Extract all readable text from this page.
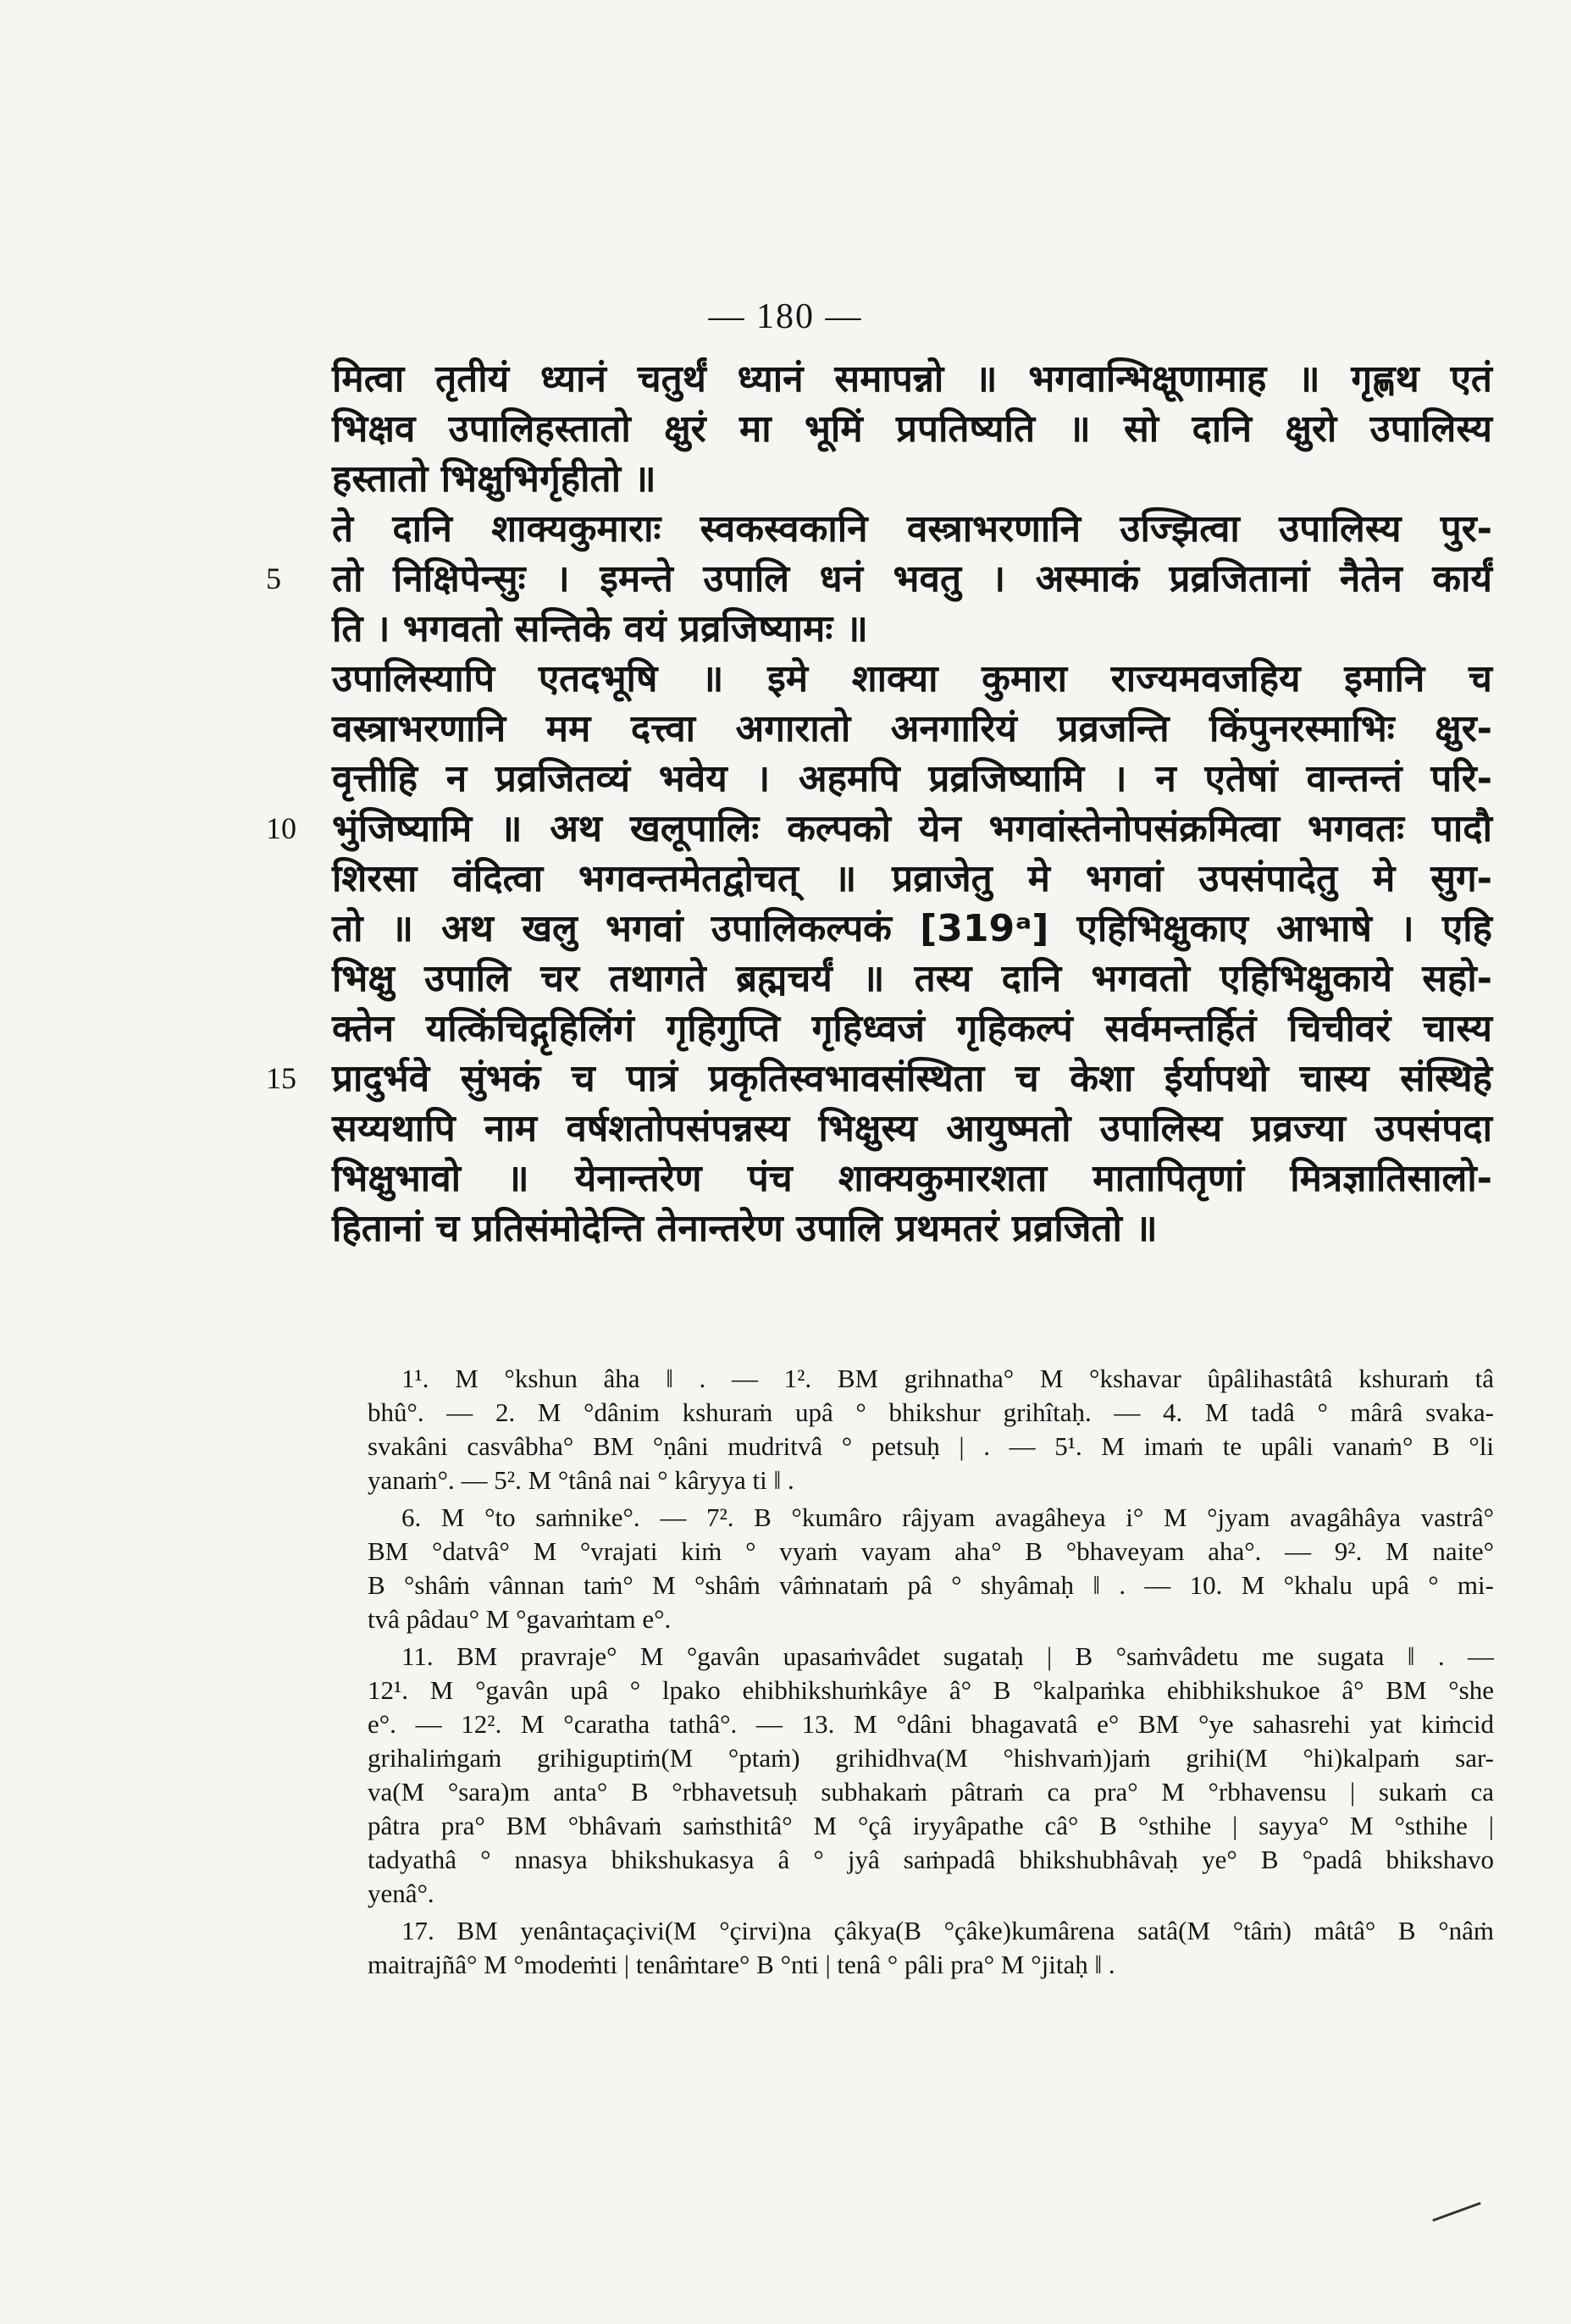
— 180 —
मित्वा तृतीयं ध्यानं चतुर्थं ध्यानं समापन्नो ॥ भगवान्भिक्षूणामाह ॥ गृह्णथ एतं
भिक्षव उपालिहस्तातो क्षुरं मा भूमिं प्रपतिष्यति ॥ सो दानि क्षुरो उपालिस्य
हस्तातो भिक्षुभिर्गृहीतो ॥
ते दानि शाक्यकुमाराः स्वकस्वकानि वस्त्राभरणानि उज्झित्वा उपालिस्य पुर-
5 तो निक्षिपेन्सुः । इमन्ते उपालि धनं भवतु । अस्माकं प्रव्रजितानां नैतेन कार्यं
ति । भगवतो सन्तिके वयं प्रव्रजिष्यामः ॥
उपालिस्यापि एतदभूषि ॥ इमे शाक्या कुमारा राज्यमवजहिय इमानि च
वस्त्राभरणानि मम दत्त्वा अगारातो अनगारियं प्रव्रजन्ति किंपुनरस्माभिः क्षुर-
वृत्तीहि न प्रव्रजितव्यं भवेय । अहमपि प्रव्रजिष्यामि । न एतेषां वान्तन्तं परि-
10 भुंजिष्यामि ॥ अथ खलूपालिः कल्पको येन भगवांस्तेनोपसंक्रमित्वा भगवतः पादौ
शिरसा वंदित्वा भगवन्तमेतद्वोचत् ॥ प्रव्राजेतु मे भगवां उपसंपादेतु मे सुग-
तो ॥ अथ खलु भगवां उपालिकल्पकं [319ᵃ] एहिभिक्षुकाए आभाषे । एहि
भिक्षु उपालि चर तथागते ब्रह्मचर्यं ॥ तस्य दानि भगवतो एहिभिक्षुकाये सहो-
क्तेन यत्किंचिद्गृहिलिंगं गृहिगुप्ति गृहिध्वजं गृहिकल्पं सर्वमन्तर्हितं चिचीवरं चास्य
15 प्रादुर्भवे सुंभकं च पात्रं प्रकृतिस्वभावसंस्थिता च केशा ईर्यापथो चास्य संस्थिहे
सय्यथापि नाम वर्षशतोपसंपन्नस्य भिक्षुस्य आयुष्मतो उपालिस्य प्रव्रज्या उपसंपदा
भिक्षुभावो ॥ येनान्तरेण पंच शाक्यकुमारशता मातापितृणां मित्रज्ञातिसालो-
हितानां च प्रतिसंमोदेन्ति तेनान्तरेण उपालि प्रथमतरं प्रव्रजितो ॥
1¹. M °kshun âha ‖ . — 1². BM grihnatha° M °kshavar ûpâlihastâtâ kshuraṁ tâ
bhû°. — 2. M °dânim kshuraṁ upâ ° bhikshur grihîtaḥ. — 4. M tadâ ° mârâ svaka-
svakâni casvâbha° BM °ṇâni mudritvâ ° petsuḥ | . — 5¹. M imaṁ te upâli vanaṁ° B °li
yanaṁ°. — 5². M °tânâ nai ° kâryya ti ‖ .
6. M °to saṁnike°. — 7². B °kumâro râjyam avagâheya i° M °jyam avagâhâya vastrâ°
BM °datvâ° M °vrajati kiṁ ° vyaṁ vayam aha° B °bhaveyam aha°. — 9². M naite°
B °shâṁ vânnan taṁ° M °shâṁ vâṁnataṁ pâ ° shyâmaḥ ‖ . — 10. M °khalu upâ ° mi-
tvâ pâdau° M °gavaṁtam e°.
11. BM pravraje° M °gavân upasaṁvâdet sugataḥ | B °saṁvâdetu me sugata ‖ . —
12¹. M °gavân upâ ° lpako ehibhikshuṁkâye â° B °kalpaṁka ehibhikshukoe â° BM °she
e°. — 12². M °caratha tathâ°. — 13. M °dâni bhagavatâ e° BM °ye sahasrehi yat kiṁcid
grihaliṁgaṁ grihiguptiṁ(M °ptaṁ) grihidhva(M °hishvaṁ)jaṁ grihi(M °hi)kalpaṁ sar-
va(M °sara)m anta° B °rbhavetsuḥ subhakaṁ pâtraṁ ca pra° M °rbhavensu | sukaṁ ca
pâtra pra° BM °bhâvaṁ saṁsthitâ° M °çâ iryyâpathe câ° B °sthihe | sayya° M °sthihe |
tadyathâ ° nnasya bhikshukasya â ° jyâ saṁpadâ bhikshubhâvaḥ ye° B °padâ bhikshavo
yenâ°.
17. BM yenântaçaçivi(M °çirvi)na çâkya(B °çâke)kumârena satâ(M °tâṁ) mâtâ° B °nâṁ
maitrajñâ° M °modeṁti | tenâṁtare° B °nti | tenâ ° pâli pra° M °jitaḥ ‖ .
